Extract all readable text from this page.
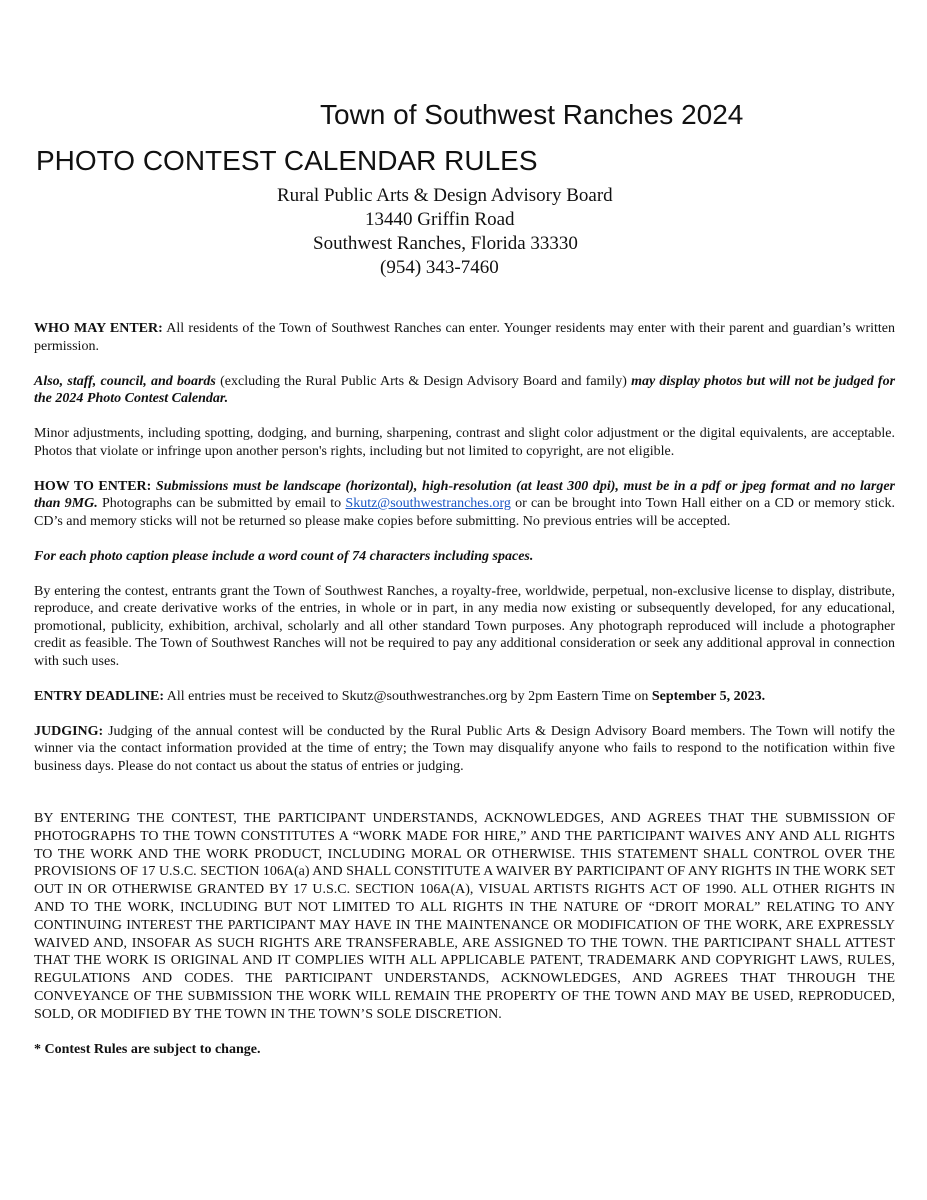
Town of Southwest Ranches 2024
PHOTO CONTEST CALENDAR RULES
Rural Public Arts & Design Advisory Board
13440 Griffin Road
Southwest Ranches, Florida 33330
(954) 343-7460

WHO MAY ENTER: All residents of the Town of Southwest Ranches can enter. Younger residents may enter with their parent and guardian’s written permission.

Also, staff, council, and boards (excluding the Rural Public Arts & Design Advisory Board and family) may display photos but will not be judged for the 2024 Photo Contest Calendar.

Minor adjustments, including spotting, dodging, and burning, sharpening, contrast and slight color adjustment or the digital equivalents, are acceptable. Photos that violate or infringe upon another person's rights, including but not limited to copyright, are not eligible.

HOW TO ENTER: Submissions must be landscape (horizontal), high-resolution (at least 300 dpi), must be in a pdf or jpeg format and no larger than 9MG. Photographs can be submitted by email to Skutz@southwestranches.org or can be brought into Town Hall either on a CD or memory stick. CD’s and memory sticks will not be returned so please make copies before submitting. No previous entries will be accepted.

For each photo caption please include a word count of 74 characters including spaces.

By entering the contest, entrants grant the Town of Southwest Ranches, a royalty-free, worldwide, perpetual, non-exclusive license to display, distribute, reproduce, and create derivative works of the entries, in whole or in part, in any media now existing or subsequently developed, for any educational, promotional, publicity, exhibition, archival, scholarly and all other standard Town purposes. Any photograph reproduced will include a photographer credit as feasible. The Town of Southwest Ranches will not be required to pay any additional consideration or seek any additional approval in connection with such uses.

ENTRY DEADLINE: All entries must be received to Skutz@southwestranches.org by 2pm Eastern Time on September 5, 2023.

JUDGING: Judging of the annual contest will be conducted by the Rural Public Arts & Design Advisory Board members. The Town will notify the winner via the contact information provided at the time of entry; the Town may disqualify anyone who fails to respond to the notification within five business days. Please do not contact us about the status of entries or judging.

BY ENTERING THE CONTEST, THE PARTICIPANT UNDERSTANDS, ACKNOWLEDGES, AND AGREES THAT THE SUBMISSION OF PHOTOGRAPHS TO THE TOWN CONSTITUTES A “WORK MADE FOR HIRE,” AND THE PARTICIPANT WAIVES ANY AND ALL RIGHTS TO THE WORK AND THE WORK PRODUCT, INCLUDING MORAL OR OTHERWISE. THIS STATEMENT SHALL CONTROL OVER THE PROVISIONS OF 17 U.S.C. SECTION 106A(a) AND SHALL CONSTITUTE A WAIVER BY PARTICIPANT OF ANY RIGHTS IN THE WORK SET OUT IN OR OTHERWISE GRANTED BY 17 U.S.C. SECTION 106A(A), VISUAL ARTISTS RIGHTS ACT OF 1990. ALL OTHER RIGHTS IN AND TO THE WORK, INCLUDING BUT NOT LIMITED TO ALL RIGHTS IN THE NATURE OF “DROIT MORAL” RELATING TO ANY CONTINUING INTEREST THE PARTICIPANT MAY HAVE IN THE MAINTENANCE OR MODIFICATION OF THE WORK, ARE EXPRESSLY WAIVED AND, INSOFAR AS SUCH RIGHTS ARE TRANSFERABLE, ARE ASSIGNED TO THE TOWN. THE PARTICIPANT SHALL ATTEST THAT THE WORK IS ORIGINAL AND IT COMPLIES WITH ALL APPLICABLE PATENT, TRADEMARK AND COPYRIGHT LAWS, RULES, REGULATIONS AND CODES. THE PARTICIPANT UNDERSTANDS, ACKNOWLEDGES, AND AGREES THAT THROUGH THE CONVEYANCE OF THE SUBMISSION THE WORK WILL REMAIN THE PROPERTY OF THE TOWN AND MAY BE USED, REPRODUCED, SOLD, OR MODIFIED BY THE TOWN IN THE TOWN’S SOLE DISCRETION.

* Contest Rules are subject to change.
